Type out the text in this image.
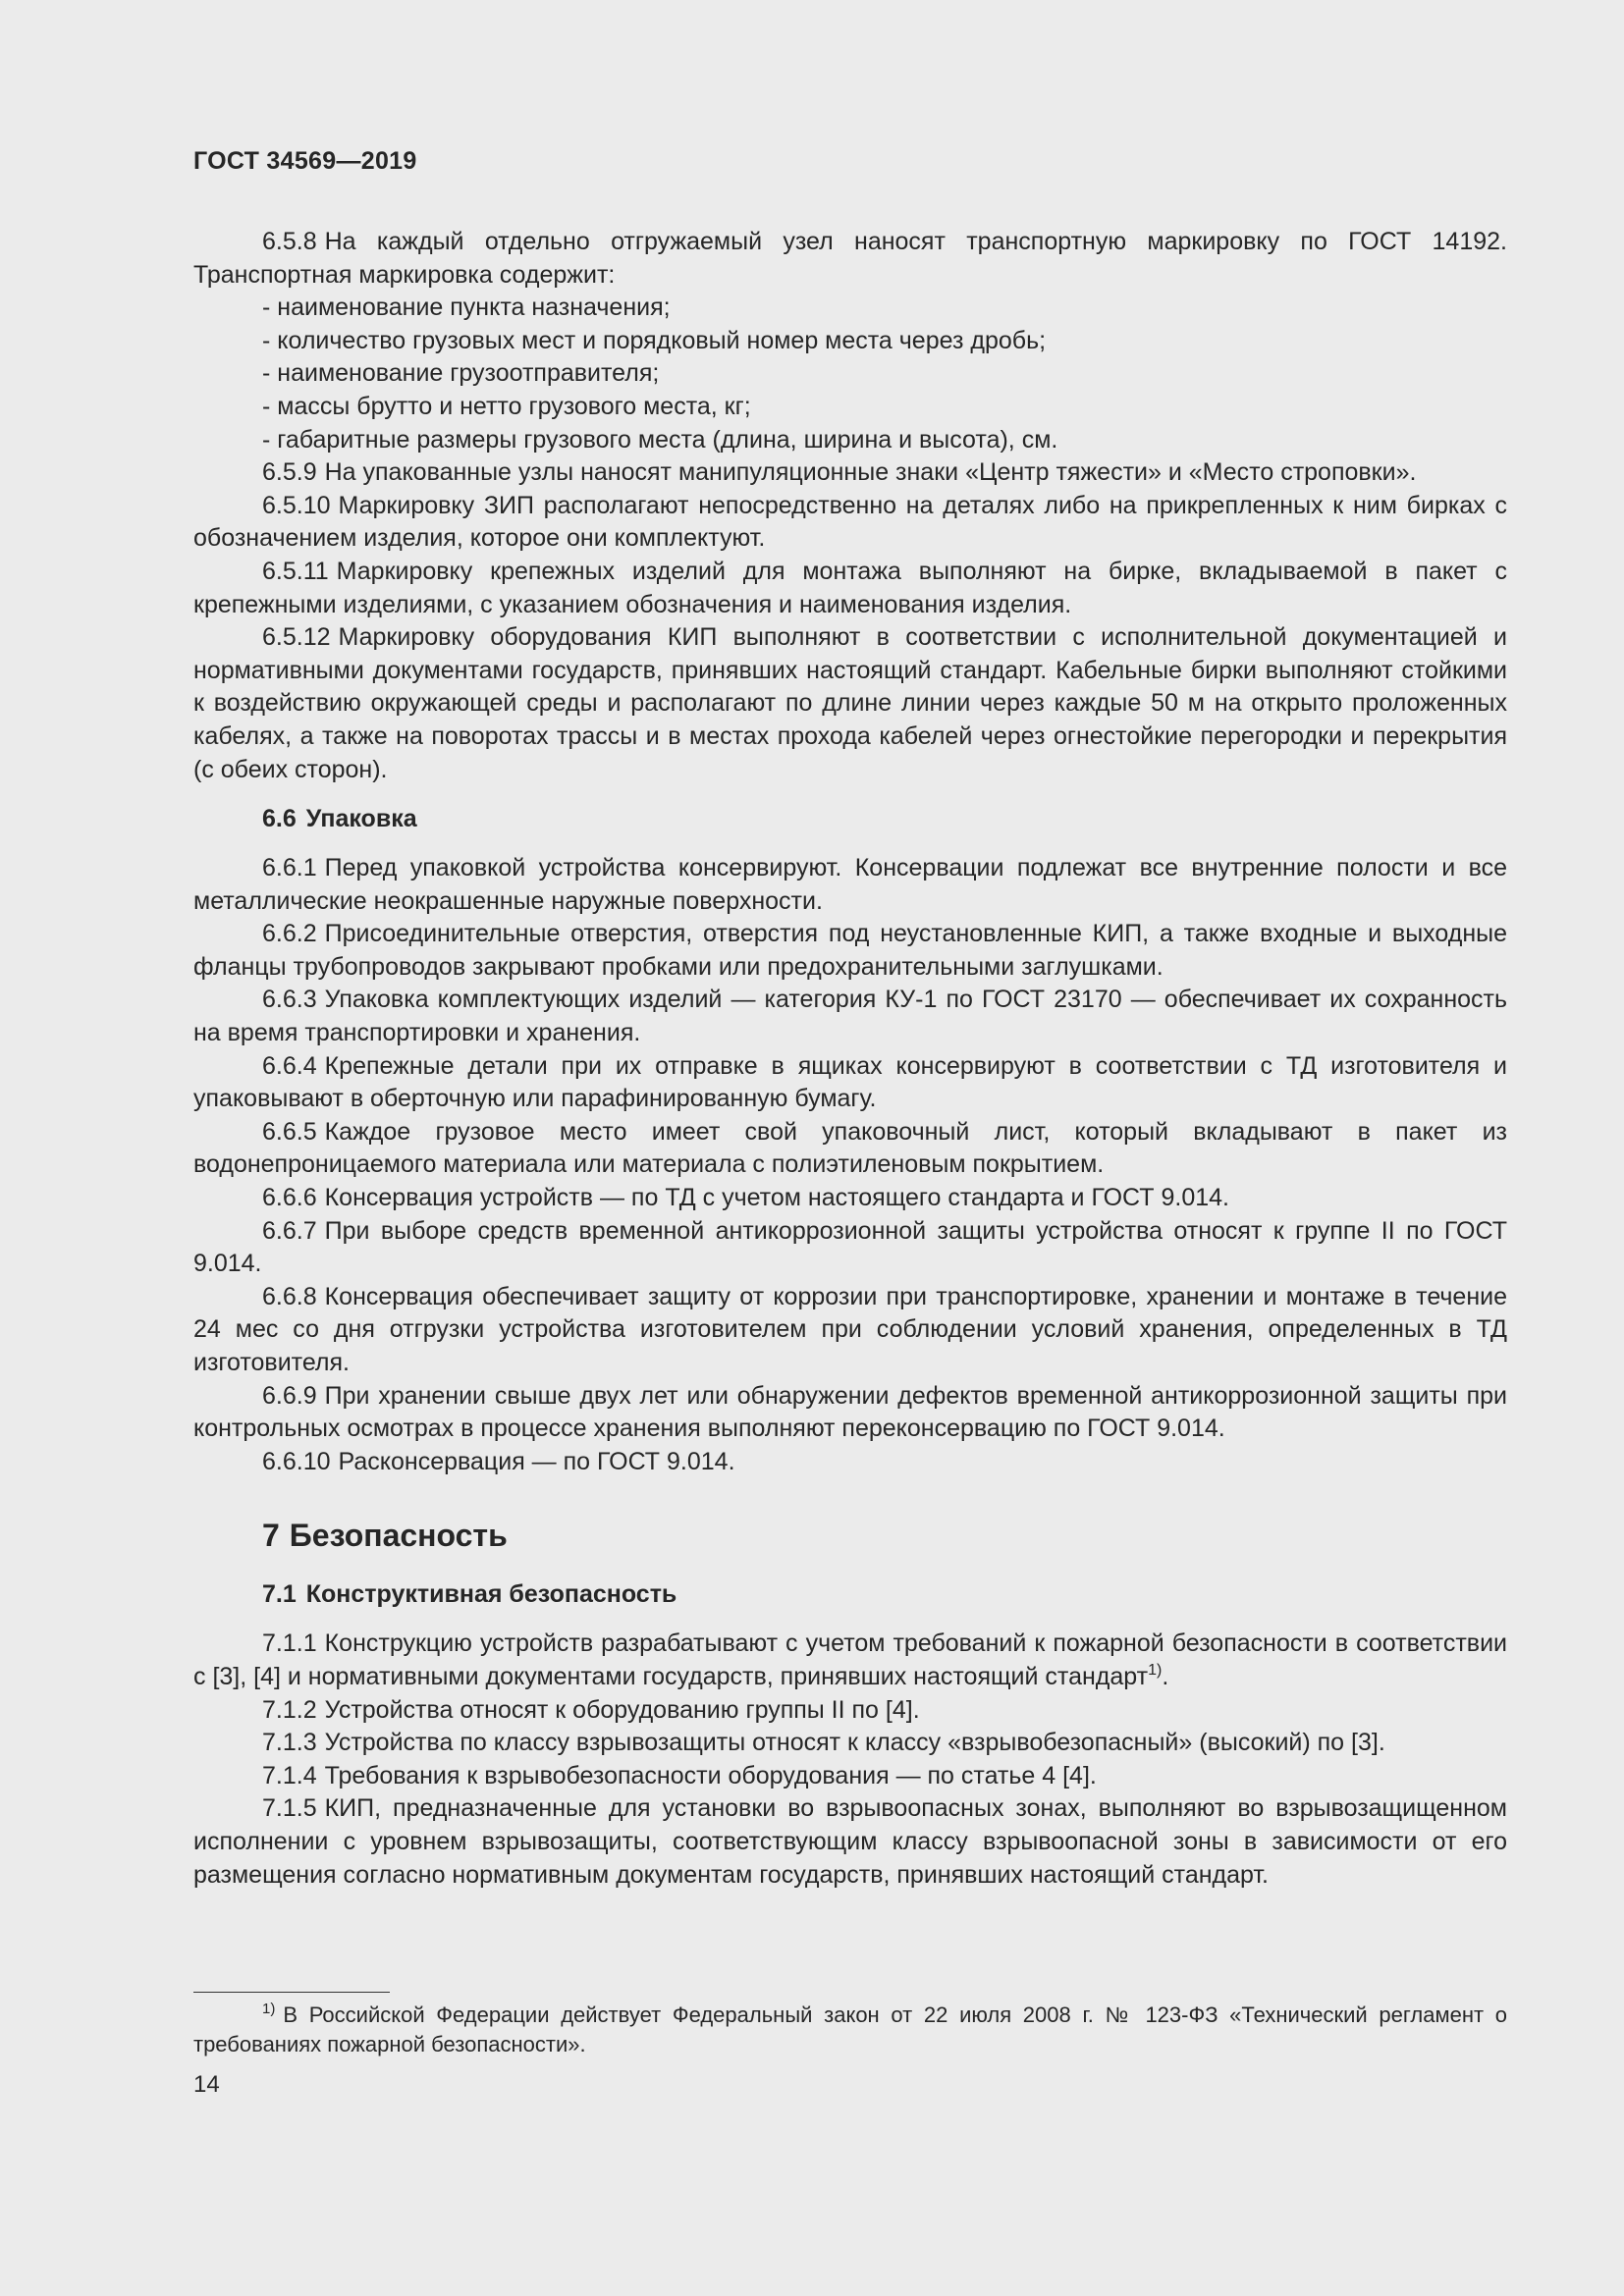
ГОСТ 34569—2019

6.5.8 На каждый отдельно отгружаемый узел наносят транспортную маркировку по ГОСТ 14192. Транспортная маркировка содержит:

- наименование пункта назначения;

- количество грузовых мест и порядковый номер места через дробь;

- наименование грузоотправителя;

- массы брутто и нетто грузового места, кг;

- габаритные размеры грузового места (длина, ширина и высота), см.

6.5.9 На упакованные узлы наносят манипуляционные знаки «Центр тяжести» и «Место строповки».

6.5.10 Маркировку ЗИП располагают непосредственно на деталях либо на прикрепленных к ним бирках с обозначением изделия, которое они комплектуют.

6.5.11 Маркировку крепежных изделий для монтажа выполняют на бирке, вкладываемой в пакет с крепежными изделиями, с указанием обозначения и наименования изделия.

6.5.12 Маркировку оборудования КИП выполняют в соответствии с исполнительной документацией и нормативными документами государств, принявших настоящий стандарт. Кабельные бирки выполняют стойкими к воздействию окружающей среды и располагают по длине линии через каждые 50 м на открыто проложенных кабелях, а также на поворотах трассы и в местах прохода кабелей через огнестойкие перегородки и перекрытия (с обеих сторон).

6.6 Упаковка

6.6.1 Перед упаковкой устройства консервируют. Консервации подлежат все внутренние полости и все металлические неокрашенные наружные поверхности.

6.6.2 Присоединительные отверстия, отверстия под неустановленные КИП, а также входные и выходные фланцы трубопроводов закрывают пробками или предохранительными заглушками.

6.6.3 Упаковка комплектующих изделий — категория КУ-1 по ГОСТ 23170 — обеспечивает их сохранность на время транспортировки и хранения.

6.6.4 Крепежные детали при их отправке в ящиках консервируют в соответствии с ТД изготовителя и упаковывают в оберточную или парафинированную бумагу.

6.6.5 Каждое грузовое место имеет свой упаковочный лист, который вкладывают в пакет из водонепроницаемого материала или материала с полиэтиленовым покрытием.

6.6.6 Консервация устройств — по ТД с учетом настоящего стандарта и ГОСТ 9.014.

6.6.7 При выборе средств временной антикоррозионной защиты устройства относят к группе II по ГОСТ 9.014.

6.6.8 Консервация обеспечивает защиту от коррозии при транспортировке, хранении и монтаже в течение 24 мес со дня отгрузки устройства изготовителем при соблюдении условий хранения, определенных в ТД изготовителя.

6.6.9 При хранении свыше двух лет или обнаружении дефектов временной антикоррозионной защиты при контрольных осмотрах в процессе хранения выполняют переконсервацию по ГОСТ 9.014.

6.6.10 Расконсервация — по ГОСТ 9.014.

7 Безопасность
7.1 Конструктивная безопасность

7.1.1 Конструкцию устройств разрабатывают с учетом требований к пожарной безопасности в соответствии с [3], [4] и нормативными документами государств, принявших настоящий стандарт$^{1)}$.

7.1.2 Устройства относят к оборудованию группы II по [4].

7.1.3 Устройства по классу взрывозащиты относят к классу «взрывобезопасный» (высокий) по [3].

7.1.4 Требования к взрывобезопасности оборудования — по статье 4 [4].

7.1.5 КИП, предназначенные для установки во взрывоопасных зонах, выполняют во взрывозащищенном исполнении с уровнем взрывозащиты, соответствующим классу взрывоопасной зоны в зависимости от его размещения согласно нормативным документам государств, принявших настоящий стандарт.

$^{1)}$ В Российской Федерации действует Федеральный закон от 22 июля 2008 г. № 123-ФЗ «Технический регламент о требованиях пожарной безопасности».
14
